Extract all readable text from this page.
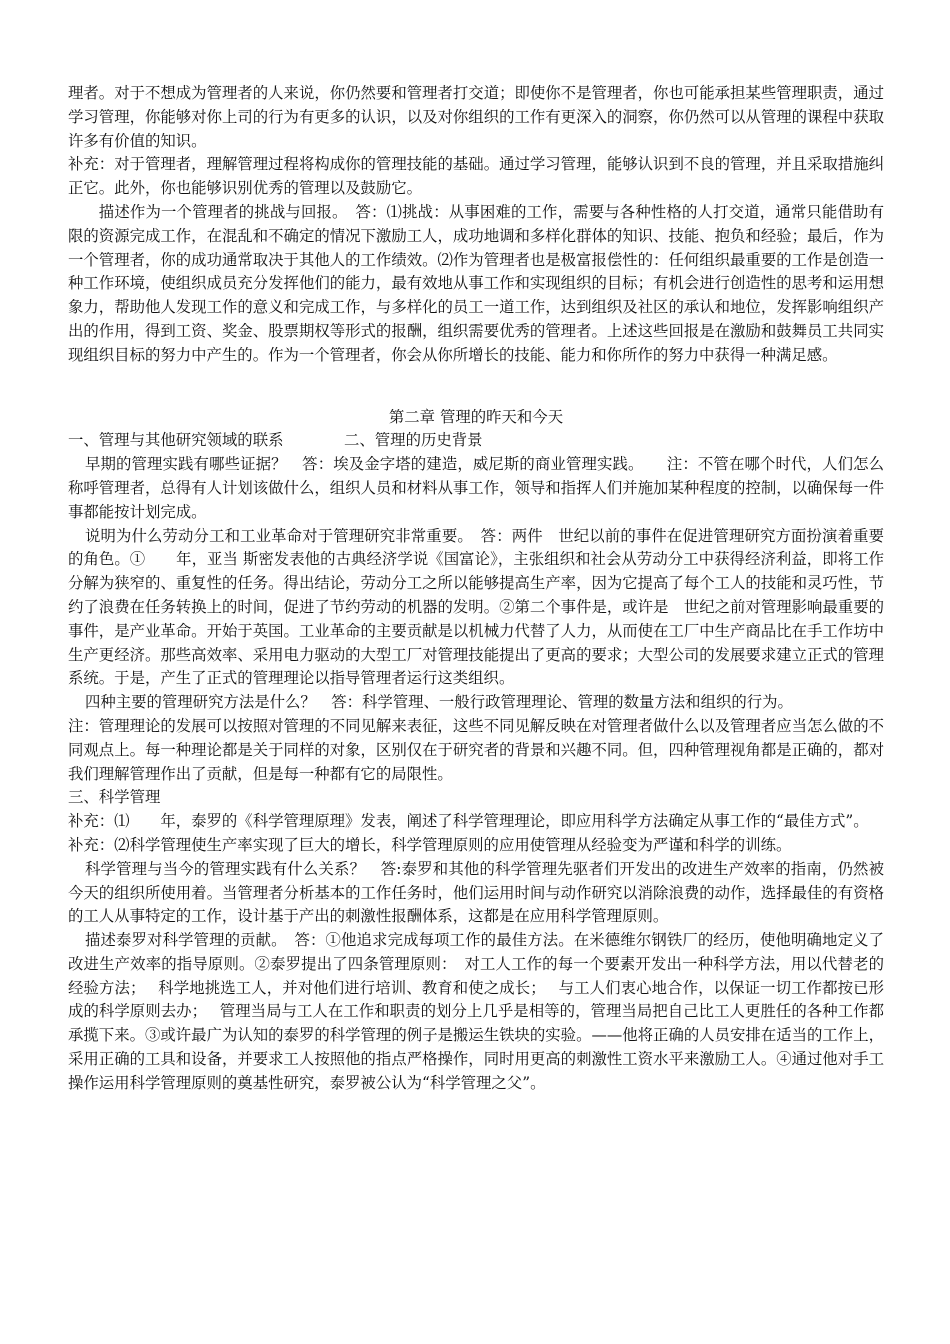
理者。对于不想成为管理者的人来说，你仍然要和管理者打交道；即使你不是管理者，你也可能承担某些管理职责，通过学习管理，你能够对你上司的行为有更多的认识，以及对你组织的工作有更深入的洞察，你仍然可以从管理的课程中获取许多有价值的知识。

补充：对于管理者，理解管理过程将构成你的管理技能的基础。通过学习管理，能够认识到不良的管理，并且采取措施纠正它。此外，你也能够识别优秀的管理以及鼓励它。

描述作为一个管理者的挑战与回报。　答：⑴挑战：从事困难的工作，需要与各种性格的人打交道，通常只能借助有限的资源完成工作，在混乱和不确定的情况下激励工人，成功地调和多样化群体的知识、技能、抱负和经验；最后，作为一个管理者，你的成功通常取决于其他人的工作绩效。⑵作为管理者也是极富报偿性的：任何组织最重要的工作是创造一种工作环境，使组织成员充分发挥他们的能力，最有效地从事工作和实现组织的目标；有机会进行创造性的思考和运用想象力，帮助他人发现工作的意义和完成工作，与多样化的员工一道工作，达到组织及社区的承认和地位，发挥影响组织产出的作用，得到工资、奖金、股票期权等形式的报酬，组织需要优秀的管理者。上述这些回报是在激励和鼓舞员工共同实现组织目标的努力中产生的。作为一个管理者，你会从你所增长的技能、能力和你所作的努力中获得一种满足感。

第二章 管理的昨天和今天

一、管理与其他研究领域的联系	二、管理的历史背景

早期的管理实践有哪些证据？　答：埃及金字塔的建造，威尼斯的商业管理实践。　　注：不管在哪个时代，人们怎么称呼管理者，总得有人计划该做什么，组织人员和材料从事工作，领导和指挥人们并施加某种程度的控制，以确保每一件事都能按计划完成。

说明为什么劳动分工和工业革命对于管理研究非常重要。　答：两件　世纪以前的事件在促进管理研究方面扮演着重要的角色。①　　年，亚当 斯密发表他的古典经济学说《国富论》，主张组织和社会从劳动分工中获得经济利益，即将工作分解为狭窄的、重复性的任务。得出结论，劳动分工之所以能够提高生产率，因为它提高了每个工人的技能和灵巧性，节约了浪费在任务转换上的时间，促进了节约劳动的机器的发明。②第二个事件是，或许是　世纪之前对管理影响最重要的事件，是产业革命。开始于英国。工业革命的主要贡献是以机械力代替了人力，从而使在工厂中生产商品比在手工作坊中生产更经济。那些高效率、采用电力驱动的大型工厂对管理技能提出了更高的要求；大型公司的发展要求建立正式的管理系统。于是，产生了正式的管理理论以指导管理者运行这类组织。

四种主要的管理研究方法是什么？　答：科学管理、一般行政管理理论、管理的数量方法和组织的行为。

注：管理理论的发展可以按照对管理的不同见解来表征，这些不同见解反映在对管理者做什么以及管理者应当怎么做的不同观点上。每一种理论都是关于同样的对象，区别仅在于研究者的背景和兴趣不同。但，四种管理视角都是正确的，都对我们理解管理作出了贡献，但是每一种都有它的局限性。

三、科学管理

补充：⑴　　年，泰罗的《科学管理原理》发表，阐述了科学管理理论，即应用科学方法确定从事工作的“最佳方式”。

补充：⑵科学管理使生产率实现了巨大的增长，科学管理原则的应用使管理从经验变为严谨和科学的训练。

科学管理与当今的管理实践有什么关系？　答:泰罗和其他的科学管理先驱者们开发出的改进生产效率的指南，仍然被今天的组织所使用着。当管理者分析基本的工作任务时，他们运用时间与动作研究以消除浪费的动作，选择最佳的有资格的工人从事特定的工作，设计基于产出的刺激性报酬体系，这都是在应用科学管理原则。

描述泰罗对科学管理的贡献。　答：①他追求完成每项工作的最佳方法。在米德维尔钢铁厂的经历，使他明确地定义了改进生产效率的指导原则。②泰罗提出了四条管理原则：　对工人工作的每一个要素开发出一种科学方法，用以代替老的经验方法；　 科学地挑选工人，并对他们进行培训、教育和使之成长；　 与工人们衷心地合作，以保证一切工作都按已形成的科学原则去办；　 管理当局与工人在工作和职责的划分上几乎是相等的，管理当局把自己比工人更胜任的各种工作都承揽下来。③或许最广为认知的泰罗的科学管理的例子是搬运生铁块的实验。——他将正确的人员安排在适当的工作上，采用正确的工具和设备，并要求工人按照他的指点严格操作，同时用更高的刺激性工资水平来激励工人。④通过他对手工操作运用科学管理原则的奠基性研究，泰罗被公认为“科学管理之父”。
